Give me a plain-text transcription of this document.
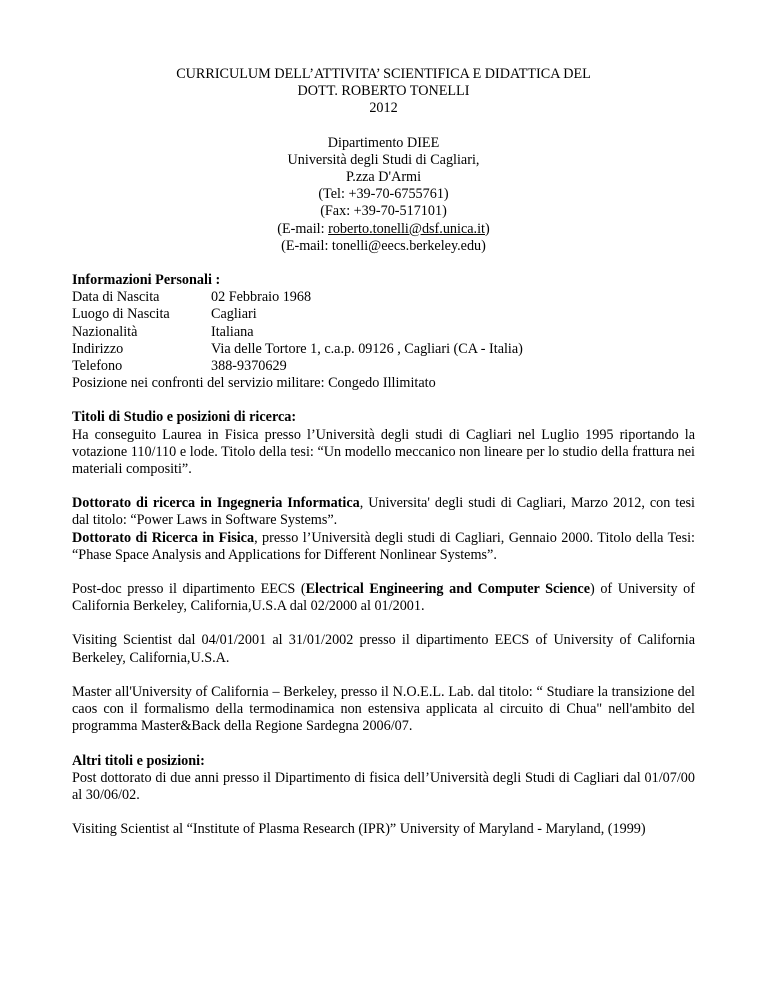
CURRICULUM DELL’ATTIVITA’ SCIENTIFICA E DIDATTICA DEL
DOTT. ROBERTO TONELLI
2012
Dipartimento DIEE
Università degli Studi di Cagliari,
P.zza D'Armi
(Tel: +39-70-6755761)
(Fax: +39-70-517101)
(E-mail: roberto.tonelli@dsf.unica.it)
(E-mail: tonelli@eecs.berkeley.edu)
Informazioni Personali :
Data di Nascita	02 Febbraio 1968
Luogo di Nascita	Cagliari
Nazionalità	Italiana
Indirizzo	Via delle Tortore 1, c.a.p. 09126 , Cagliari (CA - Italia)
Telefono	388-9370629
Posizione nei confronti del servizio militare: Congedo Illimitato
Titoli di Studio e posizioni di ricerca:
Ha conseguito Laurea in Fisica presso l’Università degli studi di Cagliari nel Luglio 1995 riportando la votazione 110/110 e lode. Titolo della tesi: “Un modello meccanico non lineare per lo studio della frattura nei materiali compositi”.
Dottorato di ricerca in Ingegneria Informatica, Universita' degli studi di Cagliari, Marzo 2012, con tesi dal titolo: “Power Laws in Software Systems”.
Dottorato di Ricerca in Fisica, presso l’Università degli studi di Cagliari, Gennaio 2000. Titolo della Tesi: “Phase Space Analysis and Applications for Different Nonlinear Systems”.
Post-doc presso il dipartimento EECS (Electrical Engineering and Computer Science) of University of California Berkeley, California,U.S.A dal 02/2000 al 01/2001.
Visiting Scientist dal 04/01/2001 al 31/01/2002 presso il dipartimento EECS of University of California Berkeley, California,U.S.A.
Master all'University of California – Berkeley, presso il N.O.E.L. Lab. dal titolo: “ Studiare la transizione del caos con il formalismo della termodinamica non estensiva applicata al circuito di Chua" nell'ambito del programma Master&Back della Regione Sardegna 2006/07.
Altri titoli e posizioni:
Post dottorato di due anni presso il Dipartimento di fisica dell’Università degli Studi di Cagliari dal 01/07/00 al 30/06/02.
Visiting Scientist al “Institute of Plasma Research (IPR)” University of Maryland - Maryland, (1999)
